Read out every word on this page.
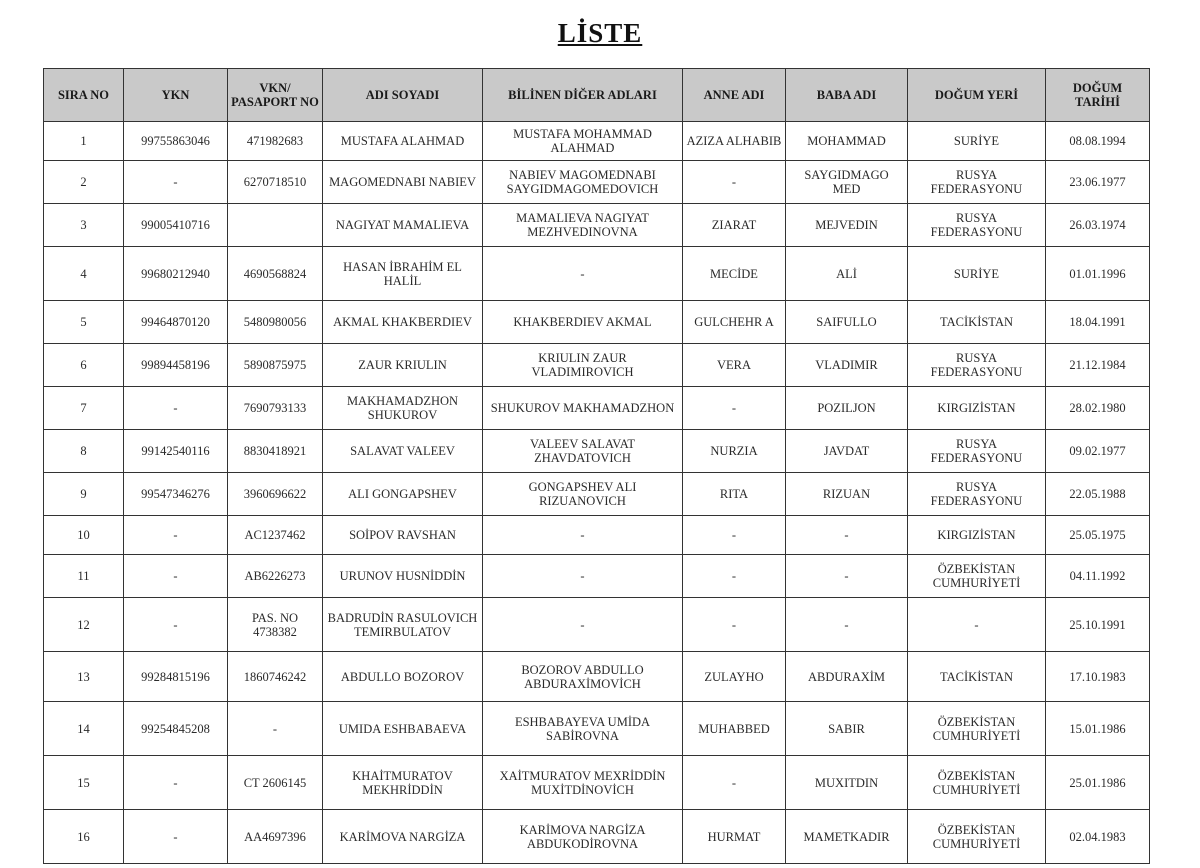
LİSTE
SIRA NO	YKN	VKN/ PASAPORT NO	ADI SOYADI	BİLİNEN DİĞER ADLARI	ANNE ADI	BABA ADI	DOĞUM YERİ	DOĞUM TARİHİ
1	99755863046	471982683	MUSTAFA ALAHMAD	MUSTAFA MOHAMMAD ALAHMAD	AZIZA ALHABIB	MOHAMMAD	SURİYE	08.08.1994
2	-	6270718510	MAGOMEDNABI NABIEV	NABIEV MAGOMEDNABI SAYGIDMAGOMEDOVICH	-	SAYGIDMAGO MED	RUSYA FEDERASYONU	23.06.1977
3	99005410716		NAGIYAT MAMALIEVA	MAMALIEVA NAGIYAT MEZHVEDINOVNA	ZIARAT	MEJVEDIN	RUSYA FEDERASYONU	26.03.1974
4	99680212940	4690568824	HASAN İBRAHİM EL HALİL	-	MECİDE	ALİ	SURİYE	01.01.1996
5	99464870120	5480980056	AKMAL KHAKBERDIEV	KHAKBERDIEV AKMAL	GULCHEHR A	SAIFULLO	TACİKİSTAN	18.04.1991
6	99894458196	5890875975	ZAUR KRIULIN	KRIULIN ZAUR VLADIMIROVICH	VERA	VLADIMIR	RUSYA FEDERASYONU	21.12.1984
7	-	7690793133	MAKHAMADZHON SHUKUROV	SHUKUROV MAKHAMADZHON	-	POZILJON	KIRGIZİSTAN	28.02.1980
8	99142540116	8830418921	SALAVAT VALEEV	VALEEV SALAVAT ZHAVDATOVICH	NURZIA	JAVDAT	RUSYA FEDERASYONU	09.02.1977
9	99547346276	3960696622	ALI GONGAPSHEV	GONGAPSHEV ALI RIZUANOVICH	RITA	RIZUAN	RUSYA FEDERASYONU	22.05.1988
10	-	AC1237462	SOİPOV RAVSHAN	-	-	-	KIRGIZİSTAN	25.05.1975
11	-	AB6226273	URUNOV HUSNİDDİN	-	-	-	ÖZBEKİSTAN CUMHURİYETİ	04.11.1992
12	-	PAS. NO 4738382	BADRUDİN RASULOVICH TEMIRBULATOV	-	-	-	-	25.10.1991
13	99284815196	1860746242	ABDULLO BOZOROV	BOZOROV ABDULLO ABDURAXİMOVİCH	ZULAYHO	ABDURAXİM	TACİKİSTAN	17.10.1983
14	99254845208	-	UMIDA ESHBABAEVA	ESHBABAYEVA UMİDA SABİROVNA	MUHABBED	SABIR	ÖZBEKİSTAN CUMHURİYETİ	15.01.1986
15	-	CT 2606145	KHAİTMURATOV MEKHRİDDİN	XAİTMURATOV MEXRİDDİN MUXİTDİNOVİCH	-	MUXITDIN	ÖZBEKİSTAN CUMHURİYETİ	25.01.1986
16	-	AA4697396	KARİMOVA NARGİZA	KARİMOVA NARGİZA ABDUKODİROVNA	HURMAT	MAMETKADIR	ÖZBEKİSTAN CUMHURİYETİ	02.04.1983
